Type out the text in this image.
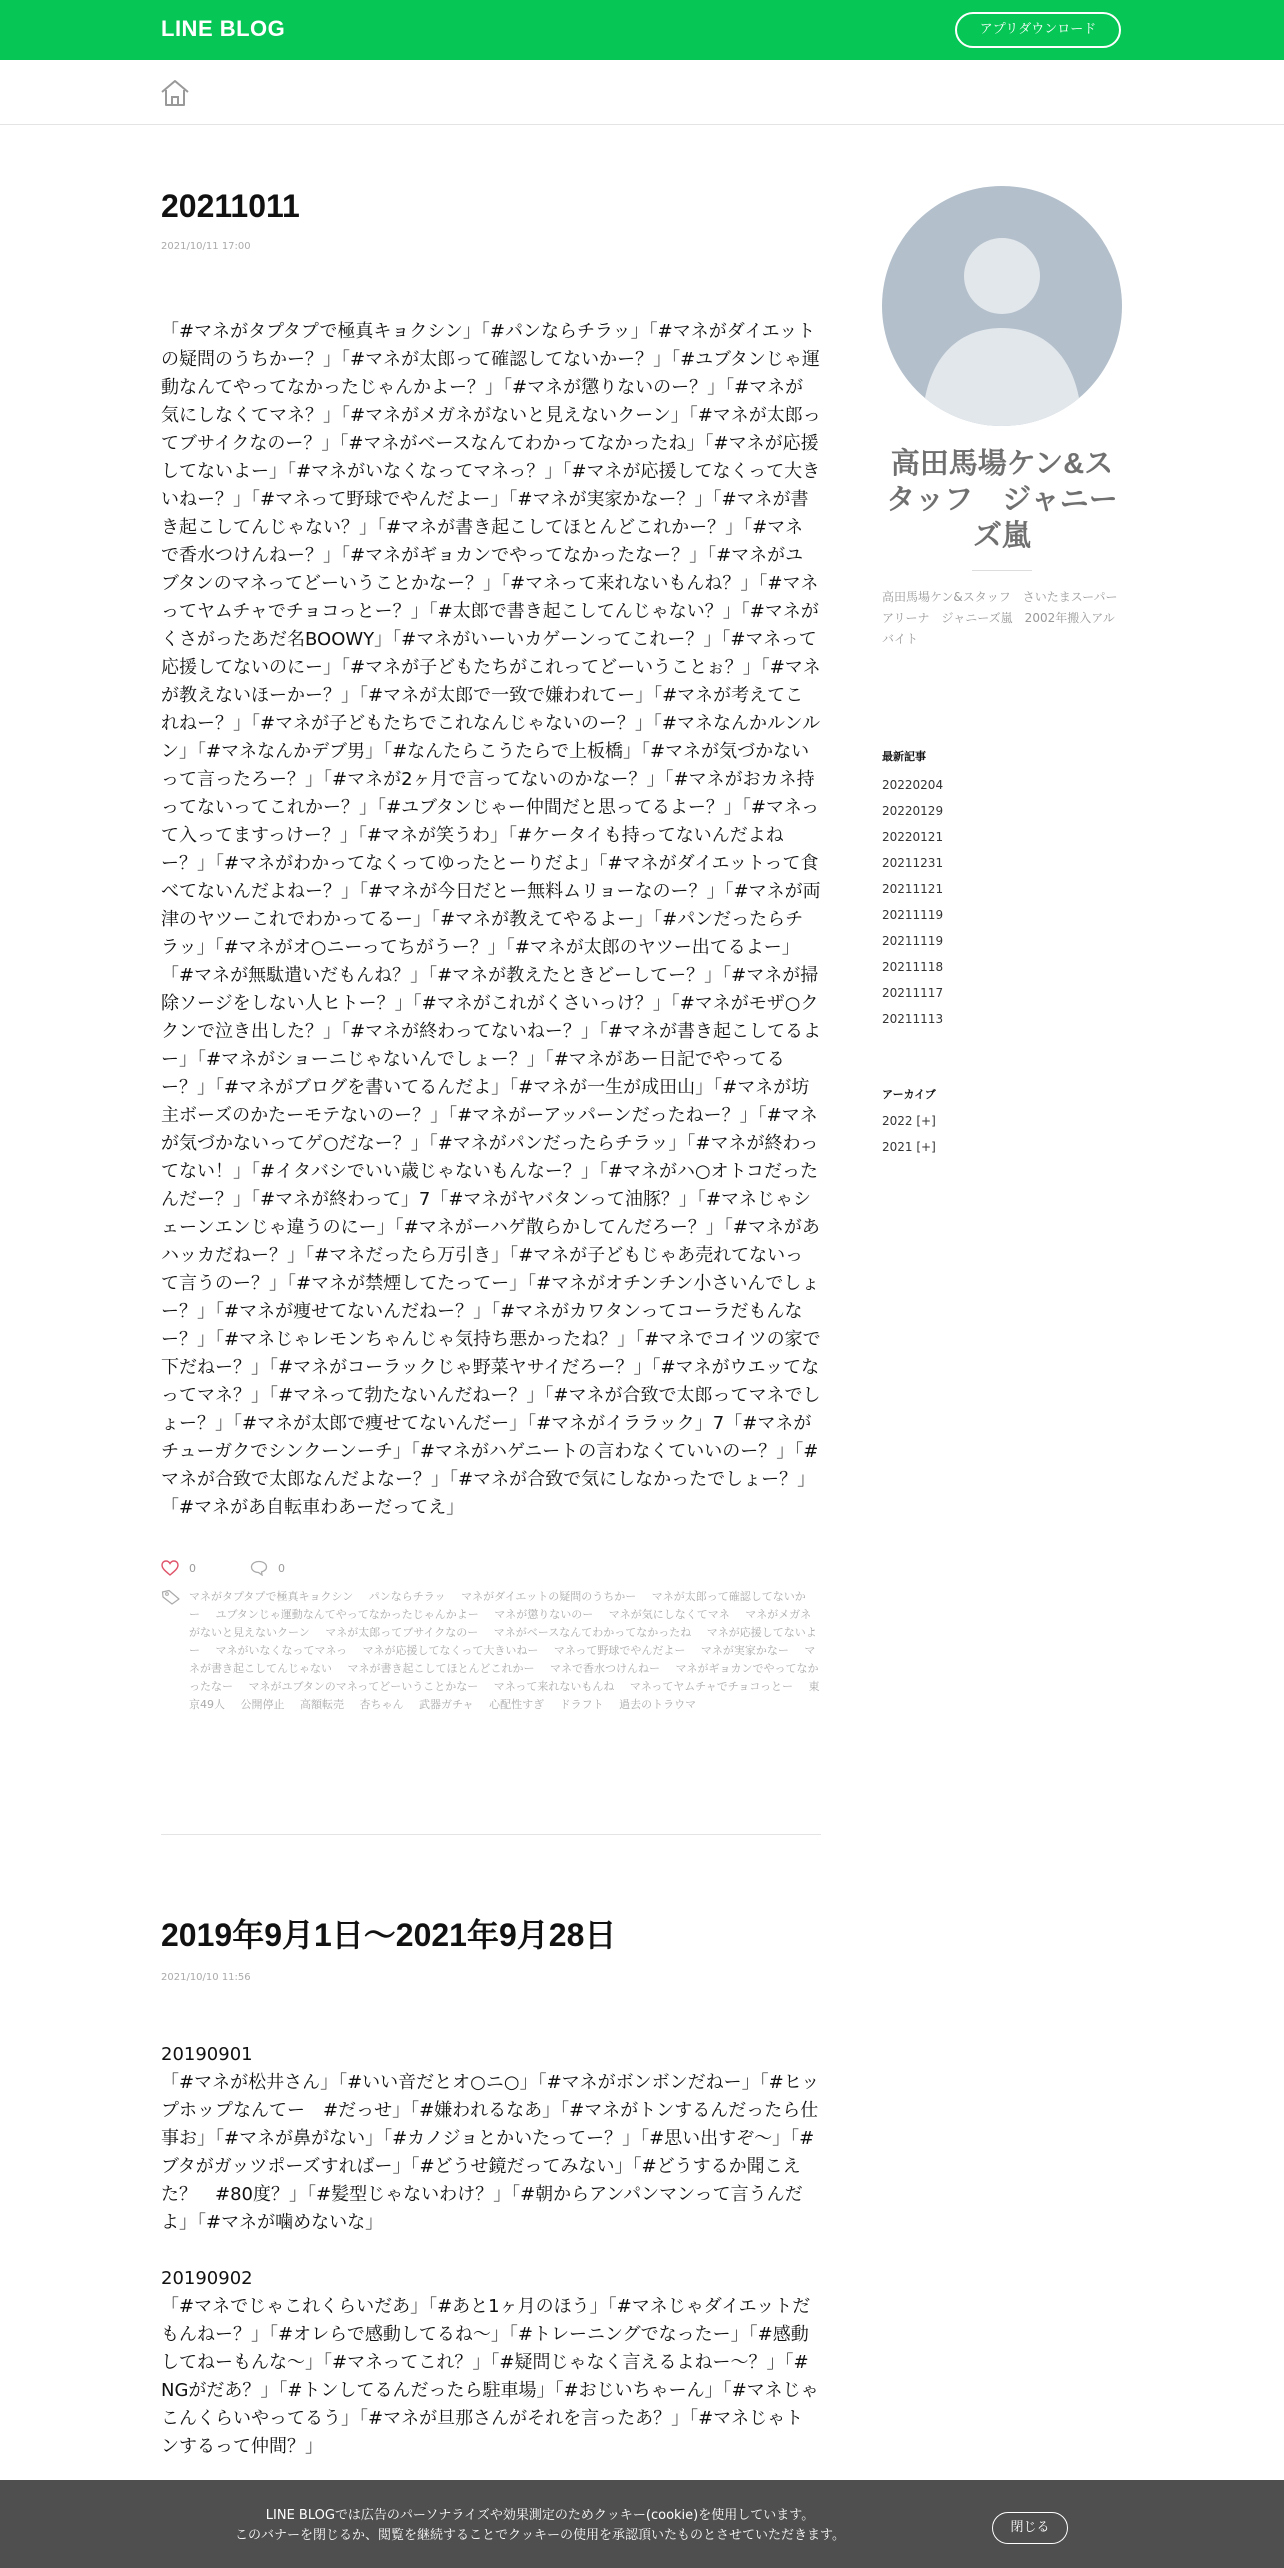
LINE BLOG	アプリダウンロード
20211011
2021/10/11 17:00
「#マネがタプタプで極真キョクシン」「#パンならチラッ」「#マネがダイエットの疑問のうちかー？」「#マネが太郎って確認してないかー？」「#ユブタンじゃ運動なんてやってなかったじゃんかよー？」「#マネが懲りないのー？」「#マネが気にしなくてマネ？」「#マネがメガネがないと見えないクーン」「#マネが太郎ってブサイクなのー？」「#マネがベースなんてわかってなかったね」「#マネが応援してないよー」「#マネがいなくなってマネっ？」「#マネが応援してなくって大きいねー？」「#マネって野球でやんだよー」「#マネが実家かなー？」「#マネが書き起こしてんじゃない？」「#マネが書き起こしてほとんどこれかー？」「#マネで香水つけんねー？」「#マネがギョカンでやってなかったなー？」「#マネがユブタンのマネってどーいうことかなー？」「#マネって来れないもんね？」「#マネってヤムチャでチョコっとー？」「#太郎で書き起こしてんじゃない？」「#マネがくさがったあだ名BOOWY」「#マネがいーいカゲーンってこれー？」「#マネって応援してないのにー」「#マネが子どもたちがこれってどーいうことぉ？」「#マネが教えないほーかー？」「#マネが太郎で一致で嫌われてー」「#マネが考えてこれねー？」「#マネが子どもたちでこれなんじゃないのー？」「#マネなんかルンルン」「#マネなんかデブ男」「#なんたらこうたらで上板橋」「#マネが気づかないって言ったろー？」「#マネが2ヶ月で言ってないのかなー？」「#マネがおカネ持ってないってこれかー？」「#ユブタンじゃー仲間だと思ってるよー？」「#マネって入ってますっけー？」「#マネが笑うわ」「#ケータイも持ってないんだよねー？」「#マネがわかってなくってゆったとーりだよ」「#マネがダイエットって食べてないんだよねー？」「#マネが今日だとー無料ムリョーなのー？」「#マネが両津のヤツーこれでわかってるー」「#マネが教えてやるよー」「#パンだったらチラッ」「#マネがオ○ニーってちがうー？」「#マネが太郎のヤツー出てるよー」「#マネが無駄遣いだもんね？」「#マネが教えたときどーしてー？」「#マネが掃除ソージをしない人ヒトー？」「#マネがこれがくさいっけ？」「#マネがモザ○ククンで泣き出した？」「#マネが終わってないねー？」「#マネが書き起こしてるよー」「#マネがショーニじゃないんでしょー？」「#マネがあー日記でやってるー？」「#マネがブログを書いてるんだよ」「#マネが一生が成田山」「#マネが坊主ボーズのかたーモテないのー？」「#マネがーアッパーンだったねー？」「#マネが気づかないってゲ○だなー？」「#マネがパンだったらチラッ」「#マネが終わってない！」「#イタバシでいい歳じゃないもんなー？」「#マネがハ○オトコだったんだー？」「#マネが終わって」7「#マネがヤバタンって油豚？」「#マネじゃシェーンエンじゃ違うのにー」「#マネがーハゲ散らかしてんだろー？」「#マネがあハッカだねー？」「#マネだったら万引き」「#マネが子どもじゃあ売れてないって言うのー？」「#マネが禁煙してたってー」「#マネがオチンチン小さいんでしょー？」「#マネが痩せてないんだねー？」「#マネがカワタンってコーラだもんなー？」「#マネじゃレモンちゃんじゃ気持ち悪かったね？」「#マネでコイツの家で下だねー？」「#マネがコーラックじゃ野菜ヤサイだろー？」「#マネがウエッてなってマネ？」「#マネって勃たないんだねー？」「#マネが合致で太郎ってマネでしょー？」「#マネが太郎で痩せてないんだー」「#マネがイララック」7「#マネがチューガクでシンクーンーチ」「#マネがハゲニートの言わなくていいのー？」「#マネが合致で太郎なんだよなー？」「#マネが合致で気にしなかったでしょー？」「#マネがあ自転車わあーだってえ」
0	0
マネがタプタプで極真キョクシン パンならチラッ マネがダイエットの疑問のうちかー マネが太郎って確認してないかー ユブタンじゃ運動なんてやってなかったじゃんかよー マネが懲りないのー マネが気にしなくてマネ マネがメガネがないと見えないクーン マネが太郎ってブサイクなのー マネがベースなんてわかってなかったね マネが応援してないよー マネがいなくなってマネっ マネが応援してなくって大きいねー マネって野球でやんだよー マネが実家かなー マネが書き起こしてんじゃない マネが書き起こしてほとんどこれかー マネで香水つけんねー マネがギョカンでやってなかったなー マネがユブタンのマネってどーいうことかなー マネって来れないもんね マネってヤムチャでチョコっとー 東京49人 公開停止 高額転売 杏ちゃん 武器ガチャ 心配性すぎ ドラフト 過去のトラウマ
2019年9月1日〜2021年9月28日
2021/10/10 11:56
20190901
「#マネが松井さん」「#いい音だとオ○ニ○」「#マネがボンボンだねー」「#ヒップホップなんてー　#だっせ」「#嫌われるなあ」「#マネがトンするんだったら仕事お」「#マネが鼻がない」「#カノジョとかいたってー？」「#思い出すぞ〜」「#ブタがガッツポーズすればー」「#どうせ鏡だってみない」「#どうするか聞こえた？　#80度？」「#髪型じゃないわけ？」「#朝からアンパンマンって言うんだよ」「#マネが噛めないな」
20190902
「#マネでじゃこれくらいだあ」「#あと1ヶ月のほう」「#マネじゃダイエットだもんねー？」「#オレらで感動してるね〜」「#トレーニングでなったー」「#感動してねーもんな〜」「#マネってこれ？」「#疑問じゃなく言えるよねー〜？」「#NGがだあ？」「#トンしてるんだったら駐車場」「#おじいちゃーん」「#マネじゃこんくらいやってるう」「#マネが旦那さんがそれを言ったあ？」「#マネじゃトンするって仲間？」
高田馬場ケン&スタッフ　ジャニーズ嵐
高田馬場ケン&スタッフ　さいたまスーパーアリーナ　ジャニーズ嵐　2002年搬入アルバイト
最新記事
20220204
20220129
20220121
20211231
20211121
20211119
20211119
20211118
20211117
20211113
アーカイブ
2022 [+]
2021 [+]
LINE BLOGでは広告のパーソナライズや効果測定のためクッキー(cookie)を使用しています。
このバナーを閉じるか、閲覧を継続することでクッキーの使用を承認頂いたものとさせていただきます。
閉じる
